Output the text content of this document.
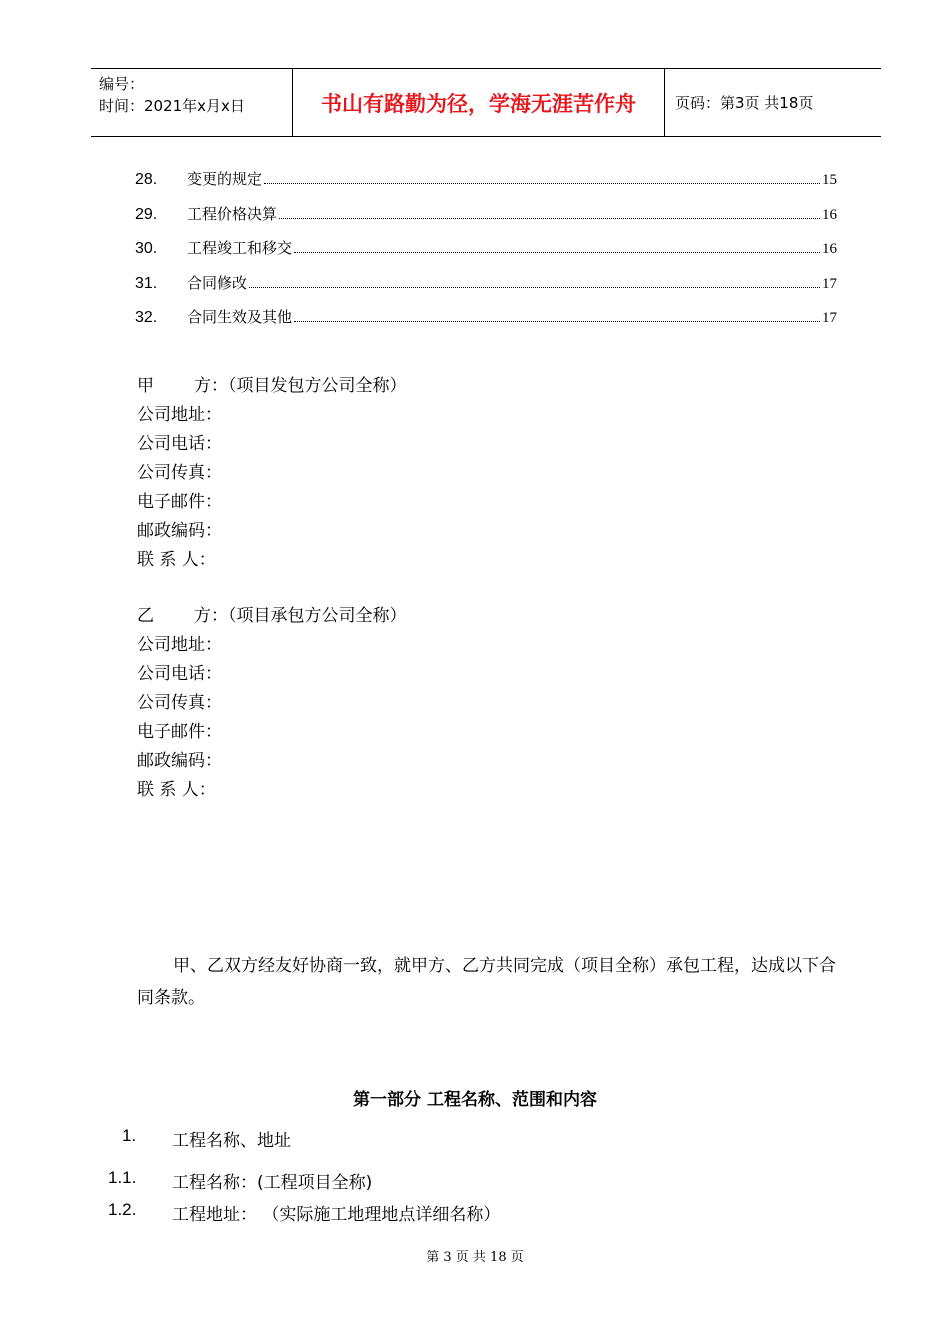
编号：
时间：2021年x月x日	书山有路勤为径，学海无涯苦作舟	页码：第3页 共18页
28.	变更的规定	15
29.	工程价格决算	16
30.	工程竣工和移交	16
31.	合同修改	17
32.	合同生效及其他	17
甲	方：（项目发包方公司全称）
公司地址：
公司电话：
公司传真：
电子邮件：
邮政编码：
联 系 人：
乙	方：（项目承包方公司全称）
公司地址：
公司电话：
公司传真：
电子邮件：
邮政编码：
联 系 人：
甲、乙双方经友好协商一致，就甲方、乙方共同完成（项目全称）承包工程，达成以下合同条款。
第一部分 工程名称、范围和内容
1.	工程名称、地址
1.1.	工程名称：(工程项目全称)
1.2.	工程地址： （实际施工地理地点详细名称）
第 3 页 共 18 页
